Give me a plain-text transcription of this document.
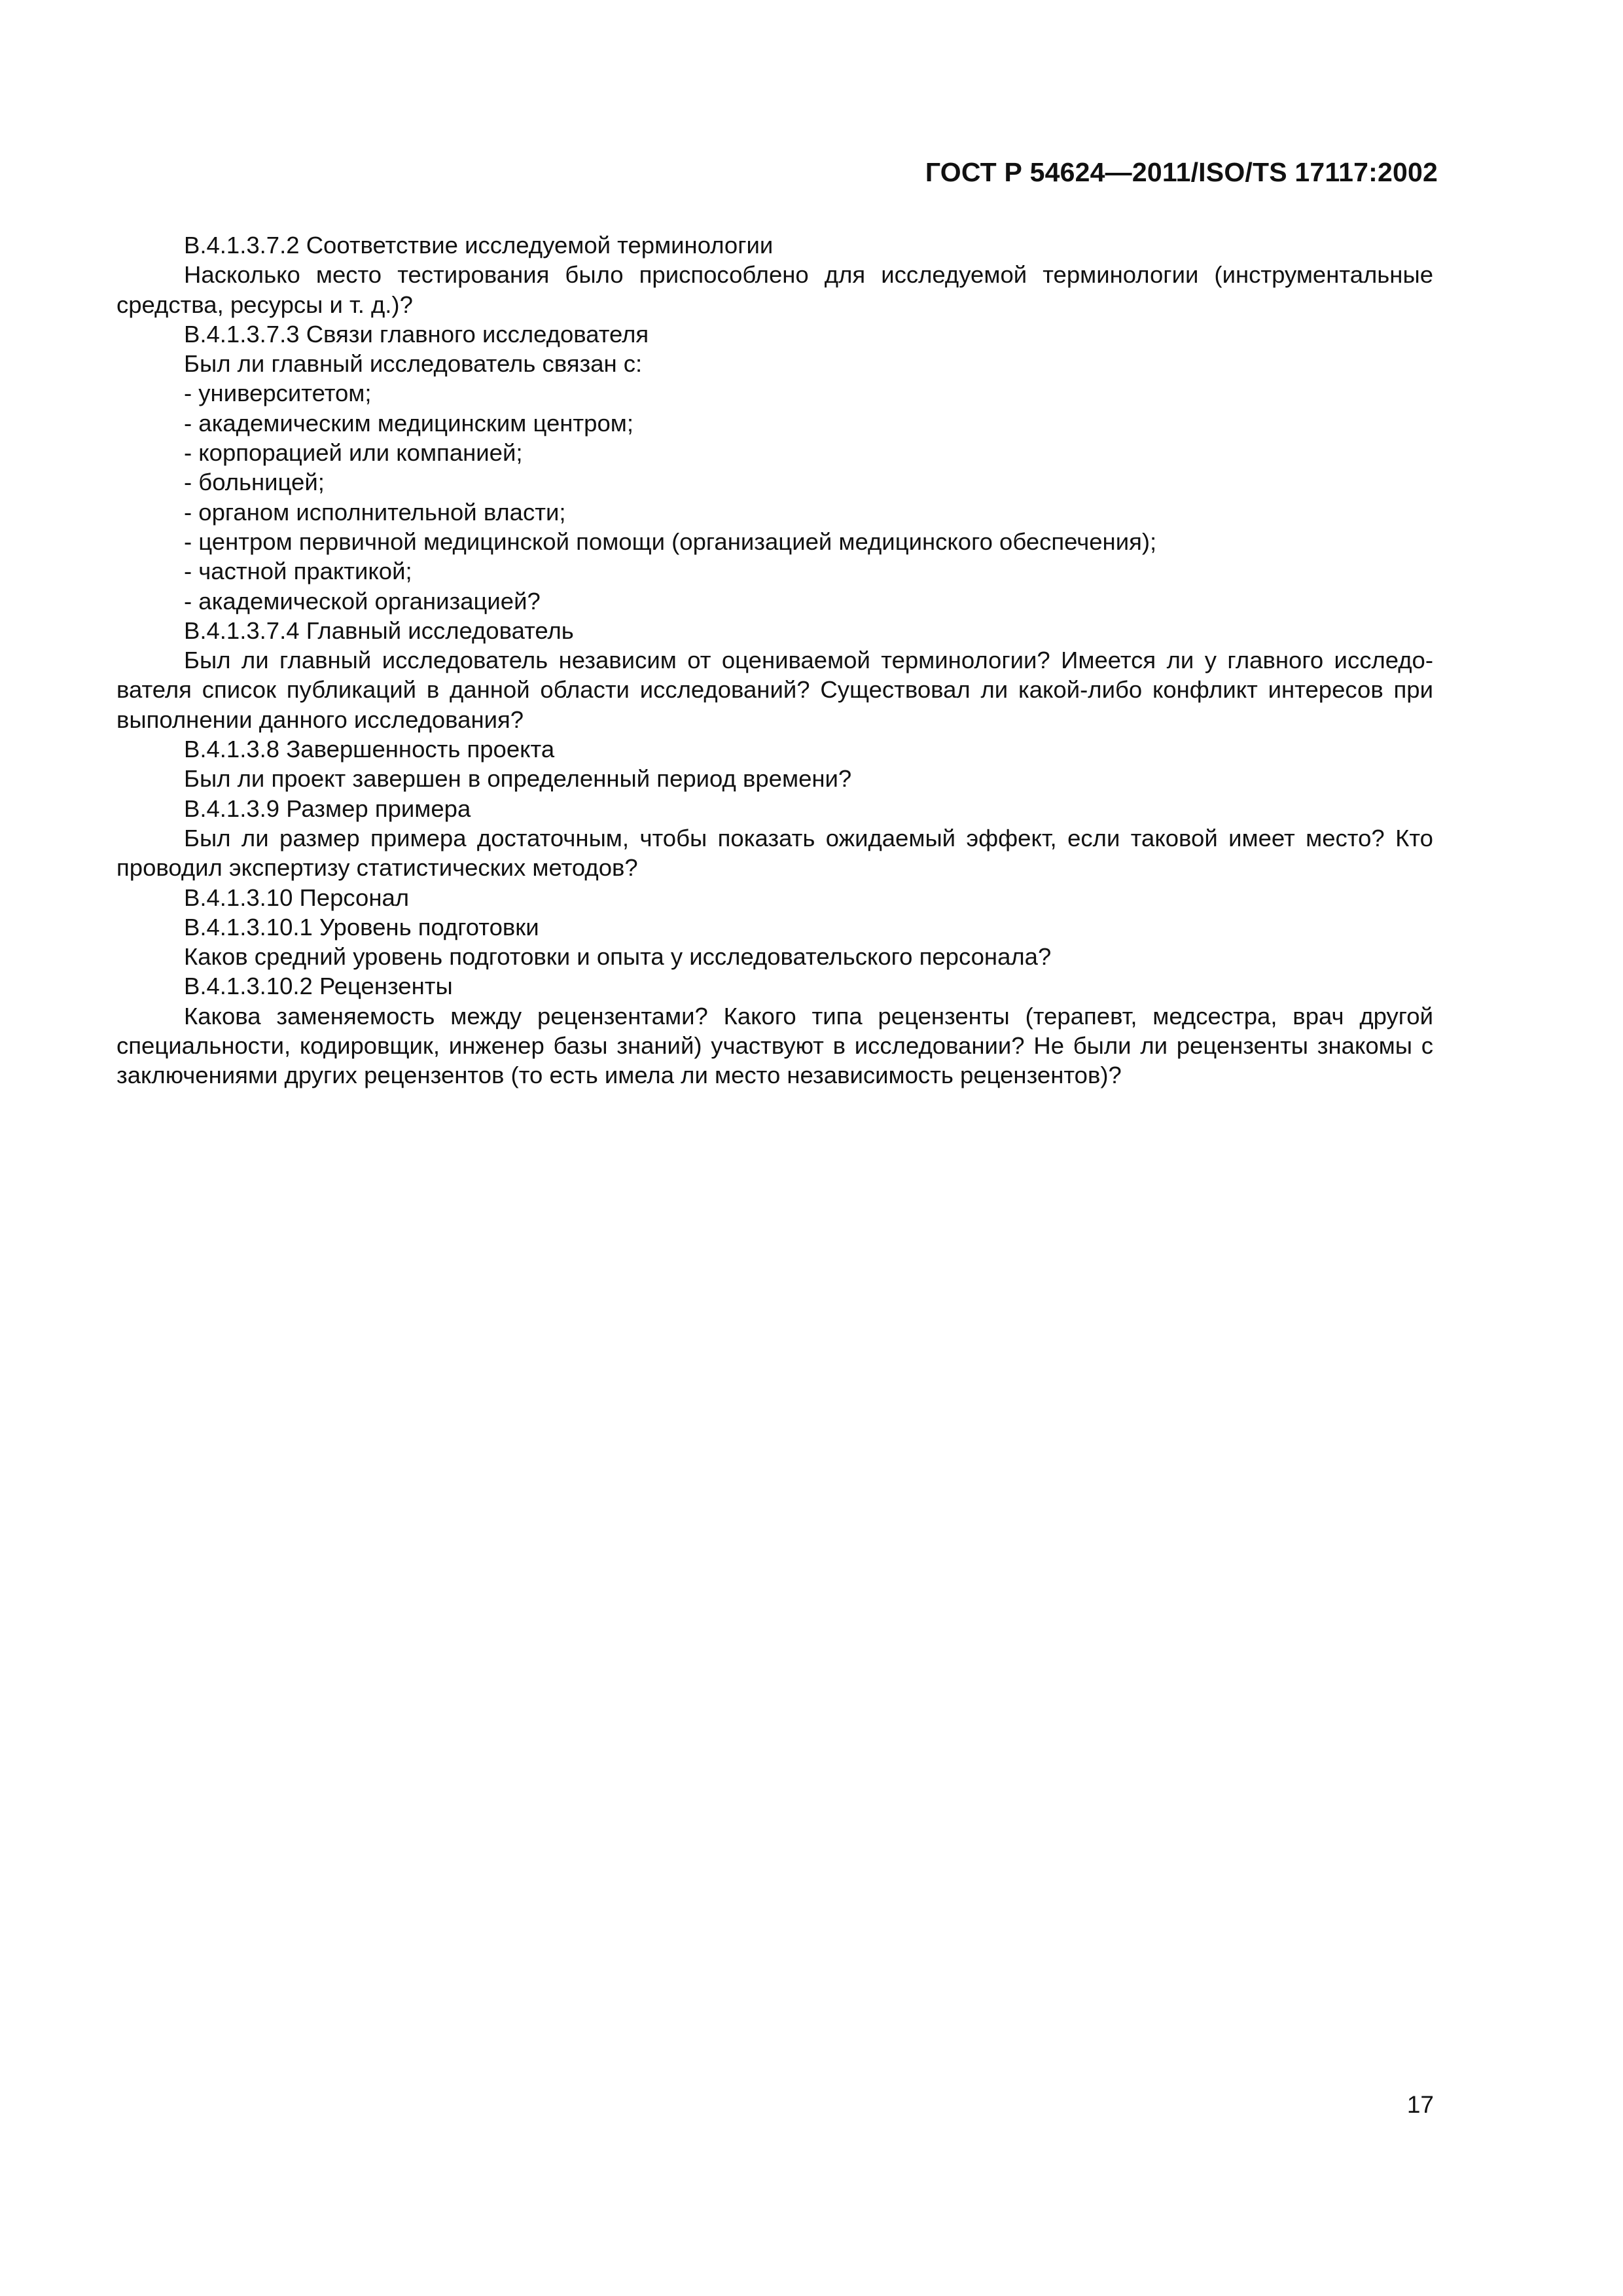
ГОСТ Р 54624—2011/ISO/TS 17117:2002

B.4.1.3.7.2 Соответствие исследуемой терминологии

Насколько место тестирования было приспособлено для исследуемой терминологии (инструментальные средства, ресурсы и т. д.)?

B.4.1.3.7.3 Связи главного исследователя

Был ли главный исследователь связан с:

- университетом;
- академическим медицинским центром;
- корпорацией или компанией;
- больницей;
- органом исполнительной власти;
- центром первичной медицинской помощи (организацией медицинского обеспечения);
- частной практикой;
- академической организацией?

B.4.1.3.7.4 Главный исследователь

Был ли главный исследователь независим от оцениваемой терминологии? Имеется ли у главного исследо-вателя список публикаций в данной области исследований? Существовал ли какой-либо конфликт интересов при выполнении данного исследования?

B.4.1.3.8 Завершенность проекта

Был ли проект завершен в определенный период времени?

B.4.1.3.9 Размер примера

Был ли размер примера достаточным, чтобы показать ожидаемый эффект, если таковой имеет место? Кто проводил экспертизу статистических методов?

B.4.1.3.10 Персонал

B.4.1.3.10.1 Уровень подготовки

Каков средний уровень подготовки и опыта у исследовательского персонала?

B.4.1.3.10.2 Рецензенты

Какова заменяемость между рецензентами? Какого типа рецензенты (терапевт, медсестра, врач другой специальности, кодировщик, инженер базы знаний) участвуют в исследовании? Не были ли рецензенты знакомы с заключениями других рецензентов (то есть имела ли место независимость рецензентов)?

17
